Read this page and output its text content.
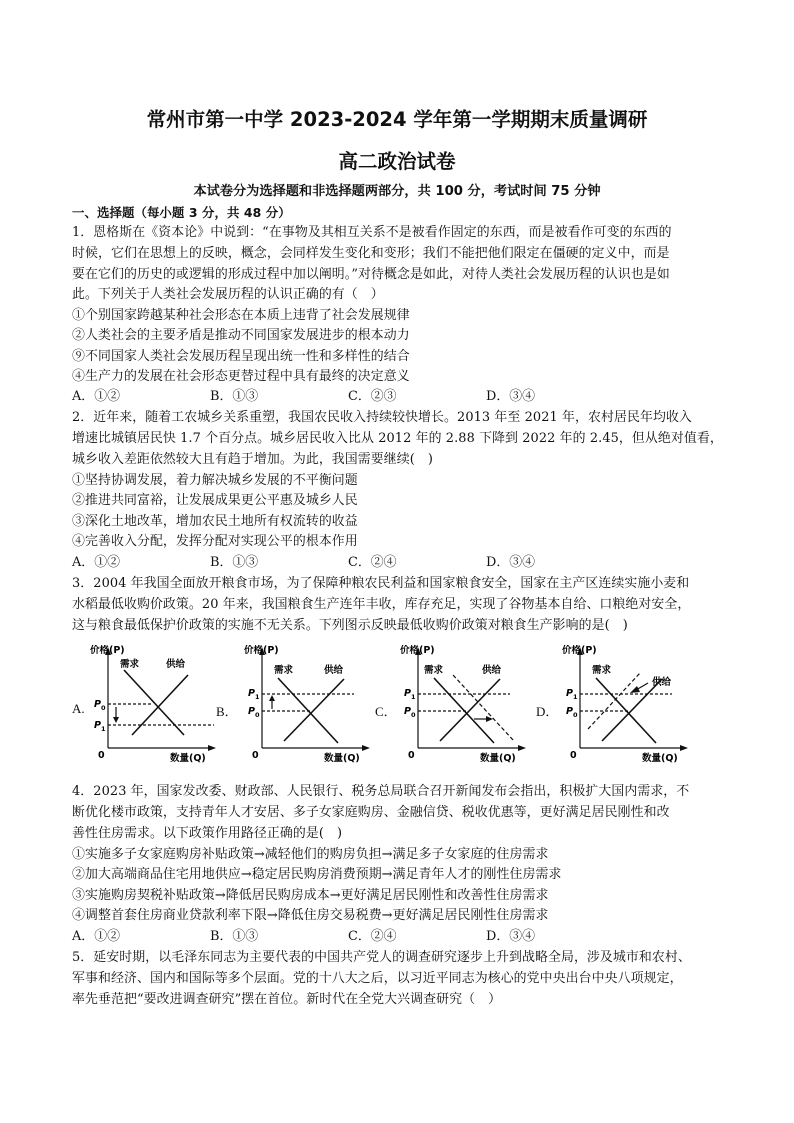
常州市第一中学 2023-2024 学年第一学期期末质量调研
高二政治试卷
本试卷分为选择题和非选择题两部分，共 100 分，考试时间 75 分钟
一、选择题（每小题 3 分，共 48 分）
1．恩格斯在《资本论》中说到：“在事物及其相互关系不是被看作固定的东西，而是被看作可变的东西的
时候，它们在思想上的反映，概念，会同样发生变化和变形；我们不能把他们限定在僵硬的定义中，而是
要在它们的历史的或逻辑的形成过程中加以阐明。”对待概念是如此，对待人类社会发展历程的认识也是如
此。下列关于人类社会发展历程的认识正确的有（　）
①个别国家跨越某种社会形态在本质上违背了社会发展规律
②人类社会的主要矛盾是推动不同国家发展进步的根本动力
⑨不同国家人类社会发展历程呈现出统一性和多样性的结合
④生产力的发展在社会形态更替过程中具有最终的决定意义
A．①②	B．①③	C．②③	D．③④
2．近年来，随着工农城乡关系重塑，我国农民收入持续较快增长。2013 年至 2021 年，农村居民年均收入
增速比城镇居民快 1.7 个百分点。城乡居民收入比从 2012 年的 2.88 下降到 2022 年的 2.45，但从绝对值看，
城乡收入差距依然较大且有趋于增加。为此，我国需要继续(　)
①坚持协调发展，着力解决城乡发展的不平衡问题
②推进共同富裕，让发展成果更公平惠及城乡人民
③深化土地改革，增加农民土地所有权流转的收益
④完善收入分配，发挥分配对实现公平的根本作用
A．①②	B．①③	C．②④	D．③④
3．2004 年我国全面放开粮食市场，为了保障种粮农民利益和国家粮食安全，国家在主产区连续实施小麦和
水稻最低收购价政策。20 年来，我国粮食生产连年丰收，库存充足，实现了谷物基本自给、口粮绝对安全，
这与粮食最低保护价政策的实施不无关系。下列图示反映最低收购价政策对粮食生产影响的是(　)
A.	B．	C．	D．
价格(P)
需求	供给
P 0
P 1
0	数量(Q)
价格(P)
需求	供给
P 1
P 0
0	数量(Q)
价格(P)
需求	供给
P 1
P 0
0	数量(Q)
价格(P)
需求
供给
P 1
P 0
0	数量(Q)
4．2023 年，国家发改委、财政部、人民银行、税务总局联合召开新闻发布会指出，积极扩大国内需求，不
断优化楼市政策，支持青年人才安居、多子女家庭购房、金融信贷、税收优惠等，更好满足居民刚性和改
善性住房需求。以下政策作用路径正确的是(　)
①实施多子女家庭购房补贴政策→减轻他们的购房负担→满足多子女家庭的住房需求
②加大高端商品住宅用地供应→稳定居民购房消费预期→满足青年人才的刚性住房需求
③实施购房契税补贴政策→降低居民购房成本→更好满足居民刚性和改善性住房需求
④调整首套住房商业贷款利率下限→降低住房交易税费→更好满足居民刚性住房需求
A．①②	B．①③	C．②④	D．③④
5．延安时期，以毛泽东同志为主要代表的中国共产党人的调查研究逐步上升到战略全局，涉及城市和农村、
军事和经济、国内和国际等多个层面。党的十八大之后，以习近平同志为核心的党中央出台中央八项规定，
率先垂范把“要改进调查研究”摆在首位。新时代在全党大兴调查研究（　）
